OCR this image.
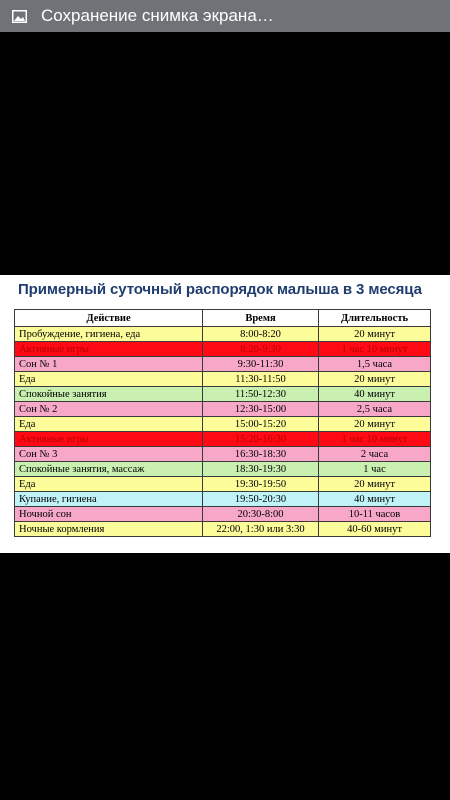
Сохранение снимка экрана…
Примерный суточный распорядок малыша в 3 месяца
Действие	Время	Длительность
Пробуждение, гигиена, еда	8:00-8:20	20 минут
Активные игры	8:20-9:30	1 час 10 минут
Сон № 1	9:30-11:30	1,5 часа
Еда	11:30-11:50	20 минут
Спокойные занятия	11:50-12:30	40 минут
Сон № 2	12:30-15:00	2,5 часа
Еда	15:00-15:20	20 минут
Активные игры	15:20-16:30	1 час 10 минут
Сон № 3	16:30-18:30	2 часа
Спокойные занятия, массаж	18:30-19:30	1 час
Еда	19:30-19:50	20 минут
Купание, гигиена	19:50-20:30	40 минут
Ночной сон	20:30-8:00	10-11 часов
Ночные кормления	22:00, 1:30 или 3:30	40-60 минут
